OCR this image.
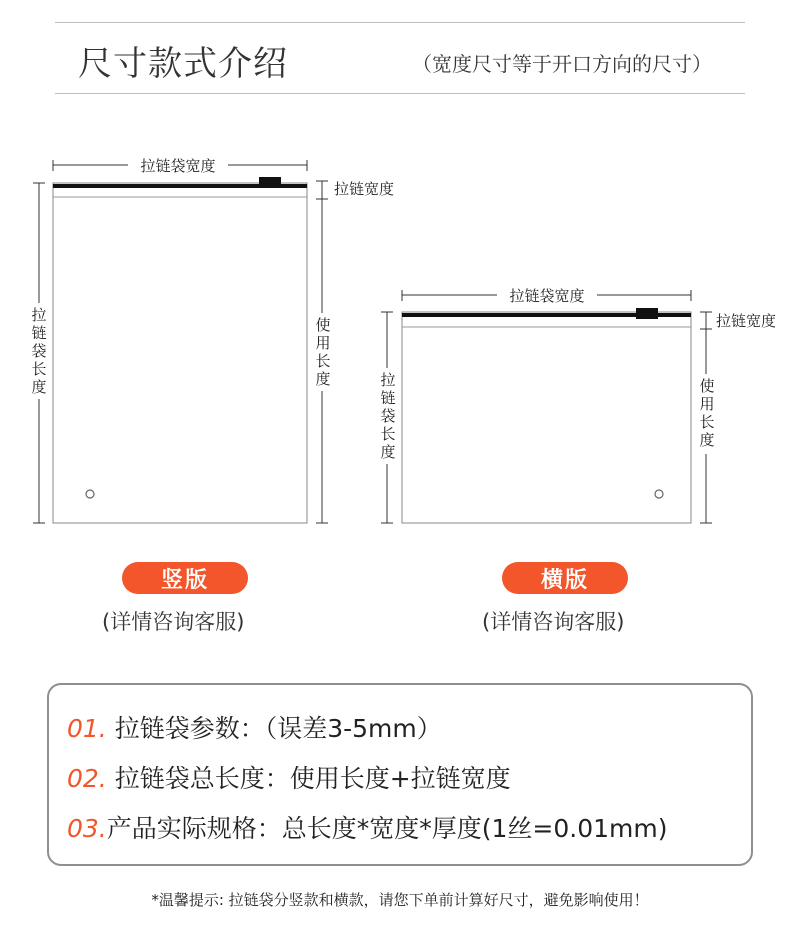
尺寸款式介绍	（宽度尺寸等于开口方向的尺寸）
拉链袋宽度
拉链宽度
拉
链
袋
长
度
使
用
长
度
拉链袋宽度
拉链宽度
拉
链
袋
长
度
使
用
长
度
竖版
(详情咨询客服)
横版
(详情咨询客服)
01. 拉链袋参数：（误差3-5mm）
02. 拉链袋总长度：使用长度+拉链宽度
03.产品实际规格：总长度*宽度*厚度(1丝=0.01mm)
*温馨提示: 拉链袋分竖款和横款，请您下单前计算好尺寸，避免影响使用！
